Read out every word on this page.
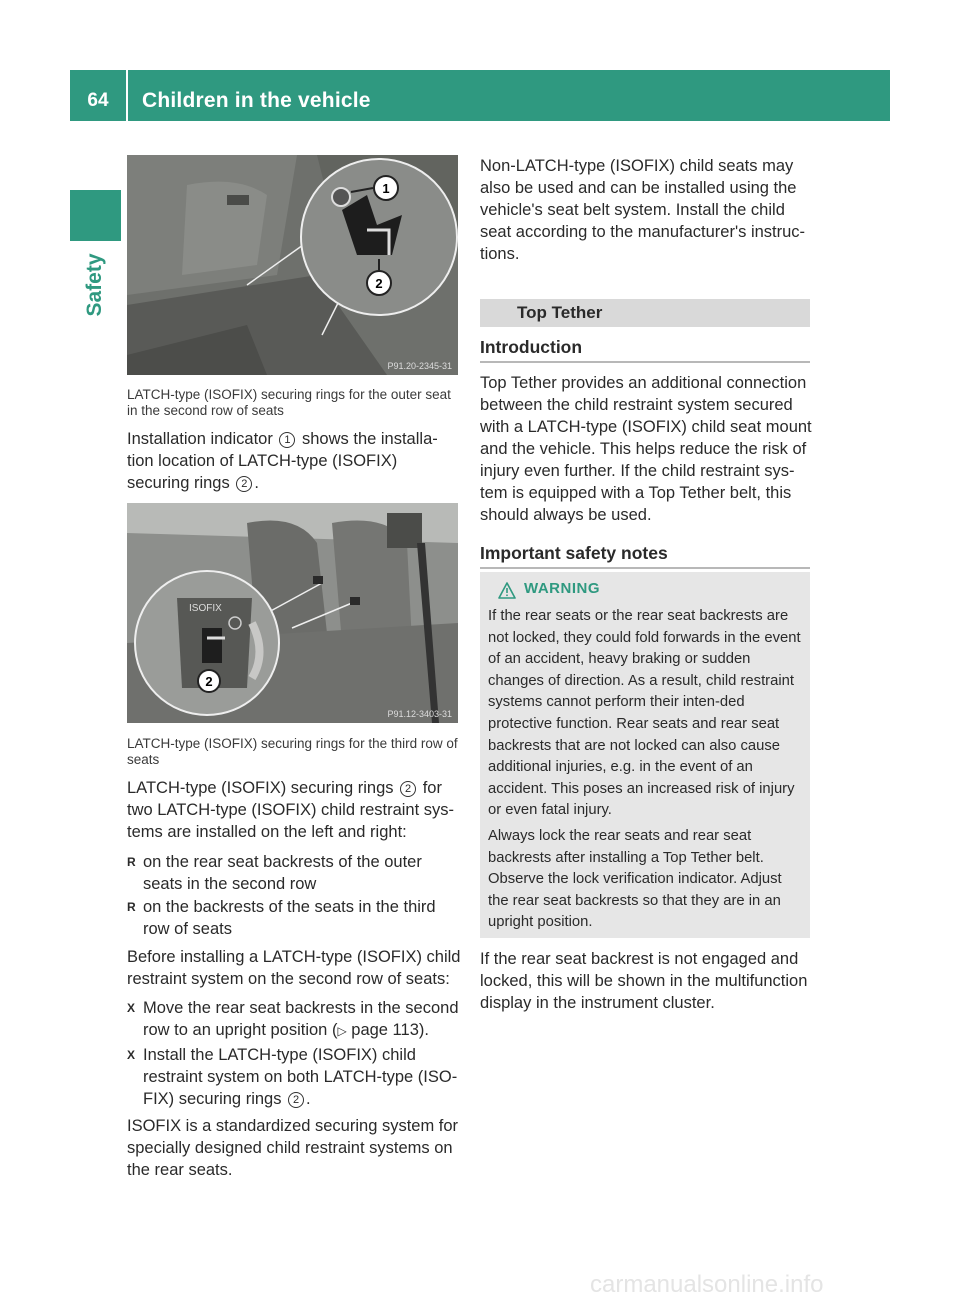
64	Children in the vehicle
Safety
1
2
P91.20-2345-31
LATCH-type (ISOFIX) securing rings for the outer seat in the second row of seats
Installation indicator 1 shows the installa-tion location of LATCH-type (ISOFIX) securing rings 2 .
ISOFIX
2
P91.12-3403-31
LATCH-type (ISOFIX) securing rings for the third row of seats
LATCH-type (ISOFIX) securing rings 2 for two LATCH-type (ISOFIX) child restraint sys-tems are installed on the left and right:
R on the rear seat backrests of the outer seats in the second row
R on the backrests of the seats in the third row of seats
Before installing a LATCH-type (ISOFIX) child restraint system on the second row of seats:
X Move the rear seat backrests in the second row to an upright position (▷ page 113).
X Install the LATCH-type (ISOFIX) child restraint system on both LATCH-type (ISO-FIX) securing rings 2 .
ISOFIX is a standardized securing system for specially designed child restraint systems on the rear seats.
Non-LATCH-type (ISOFIX) child seats may also be used and can be installed using the vehicle's seat belt system. Install the child seat according to the manufacturer's instruc-tions.
Top Tether
Introduction
Top Tether provides an additional connection between the child restraint system secured with a LATCH-type (ISOFIX) child seat mount and the vehicle. This helps reduce the risk of injury even further. If the child restraint sys-tem is equipped with a Top Tether belt, this should always be used.
Important safety notes
WARNING
If the rear seats or the rear seat backrests are not locked, they could fold forwards in the event of an accident, heavy braking or sudden changes of direction. As a result, child restraint systems cannot perform their inten-ded protective function. Rear seats and rear seat backrests that are not locked can also cause additional injuries, e.g. in the event of an accident. This poses an increased risk of injury or even fatal injury.
Always lock the rear seats and rear seat backrests after installing a Top Tether belt. Observe the lock verification indicator. Adjust the rear seat backrests so that they are in an upright position.
If the rear seat backrest is not engaged and locked, this will be shown in the multifunction display in the instrument cluster.
carmanualsonline.info
